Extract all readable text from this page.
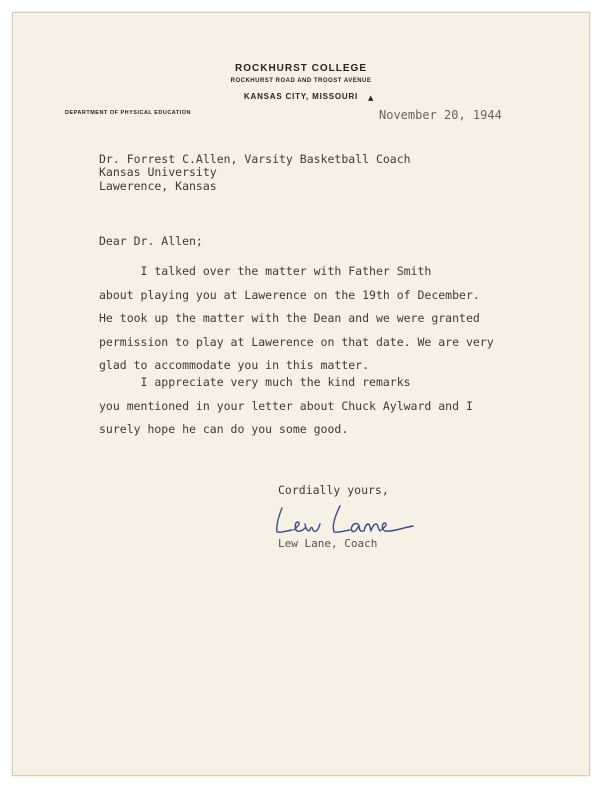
ROCKHURST COLLEGE
ROCKHURST ROAD AND TROOST AVENUE
KANSAS CITY, MISSOURI	▲
DEPARTMENT OF PHYSICAL EDUCATION	November 20, 1944
Dr. Forrest C.Allen, Varsity Basketball Coach
Kansas University
Lawerence, Kansas
Dear Dr. Allen;
I talked over the matter with Father Smith
about playing you at Lawerence on the 19th of December.
He took up the matter with the Dean and we were granted
permission to play at Lawerence on that date. We are very
glad to accommodate you in this matter.
I appreciate very much the kind remarks
you mentioned in your letter about Chuck Aylward and I
surely hope he can do you some good.
Cordially yours,
Lew Lane, Coach
